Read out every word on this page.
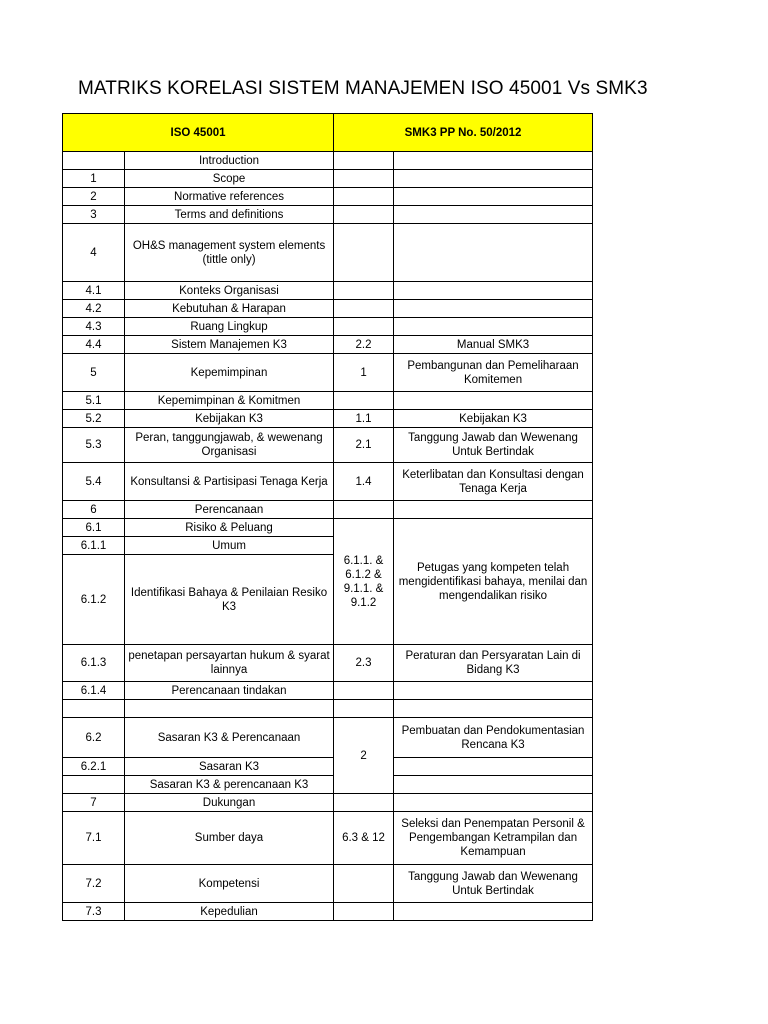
MATRIKS KORELASI SISTEM MANAJEMEN ISO 45001 Vs SMK3
ISO 45001		SMK3 PP No. 50/2012	
	Introduction		
1	Scope		
2	Normative references		
3	Terms and definitions		
4	OH&S management system elements (tittle only)		
4.1	Konteks Organisasi		
4.2	Kebutuhan & Harapan		
4.3	Ruang Lingkup		
4.4	Sistem Manajemen K3	2.2	Manual SMK3
5	Kepemimpinan	1	Pembangunan dan Pemeliharaan Komitemen
5.1	Kepemimpinan & Komitmen		
5.2	Kebijakan K3	1.1	Kebijakan K3
5.3	Peran, tanggungjawab, & wewenang Organisasi	2.1	Tanggung Jawab dan Wewenang Untuk Bertindak
5.4	Konsultansi & Partisipasi Tenaga Kerja	1.4	Keterlibatan dan Konsultasi dengan Tenaga Kerja
6	Perencanaan		
6.1	Risiko & Peluang	6.1.1. & 6.1.2 & 9.1.1. & 9.1.2	Petugas yang kompeten telah mengidentifikasi bahaya, menilai dan mengendalikan risiko
6.1.1	Umum		
6.1.2	Identifikasi Bahaya & Penilaian Resiko K3		
6.1.3	penetapan persayartan hukum & syarat lainnya	2.3	Peraturan dan Persyaratan Lain di Bidang K3
6.1.4	Perencanaan tindakan		

6.2	Sasaran K3 & Perencanaan	2	Pembuatan dan Pendokumentasian Rencana K3
6.2.1	Sasaran K3		
	Sasaran K3 & perencanaan K3		
7	Dukungan		
7.1	Sumber daya	6.3 & 12	Seleksi dan Penempatan Personil & Pengembangan Ketrampilan dan Kemampuan
7.2	Kompetensi		Tanggung Jawab dan Wewenang Untuk Bertindak
7.3	Kepedulian		
